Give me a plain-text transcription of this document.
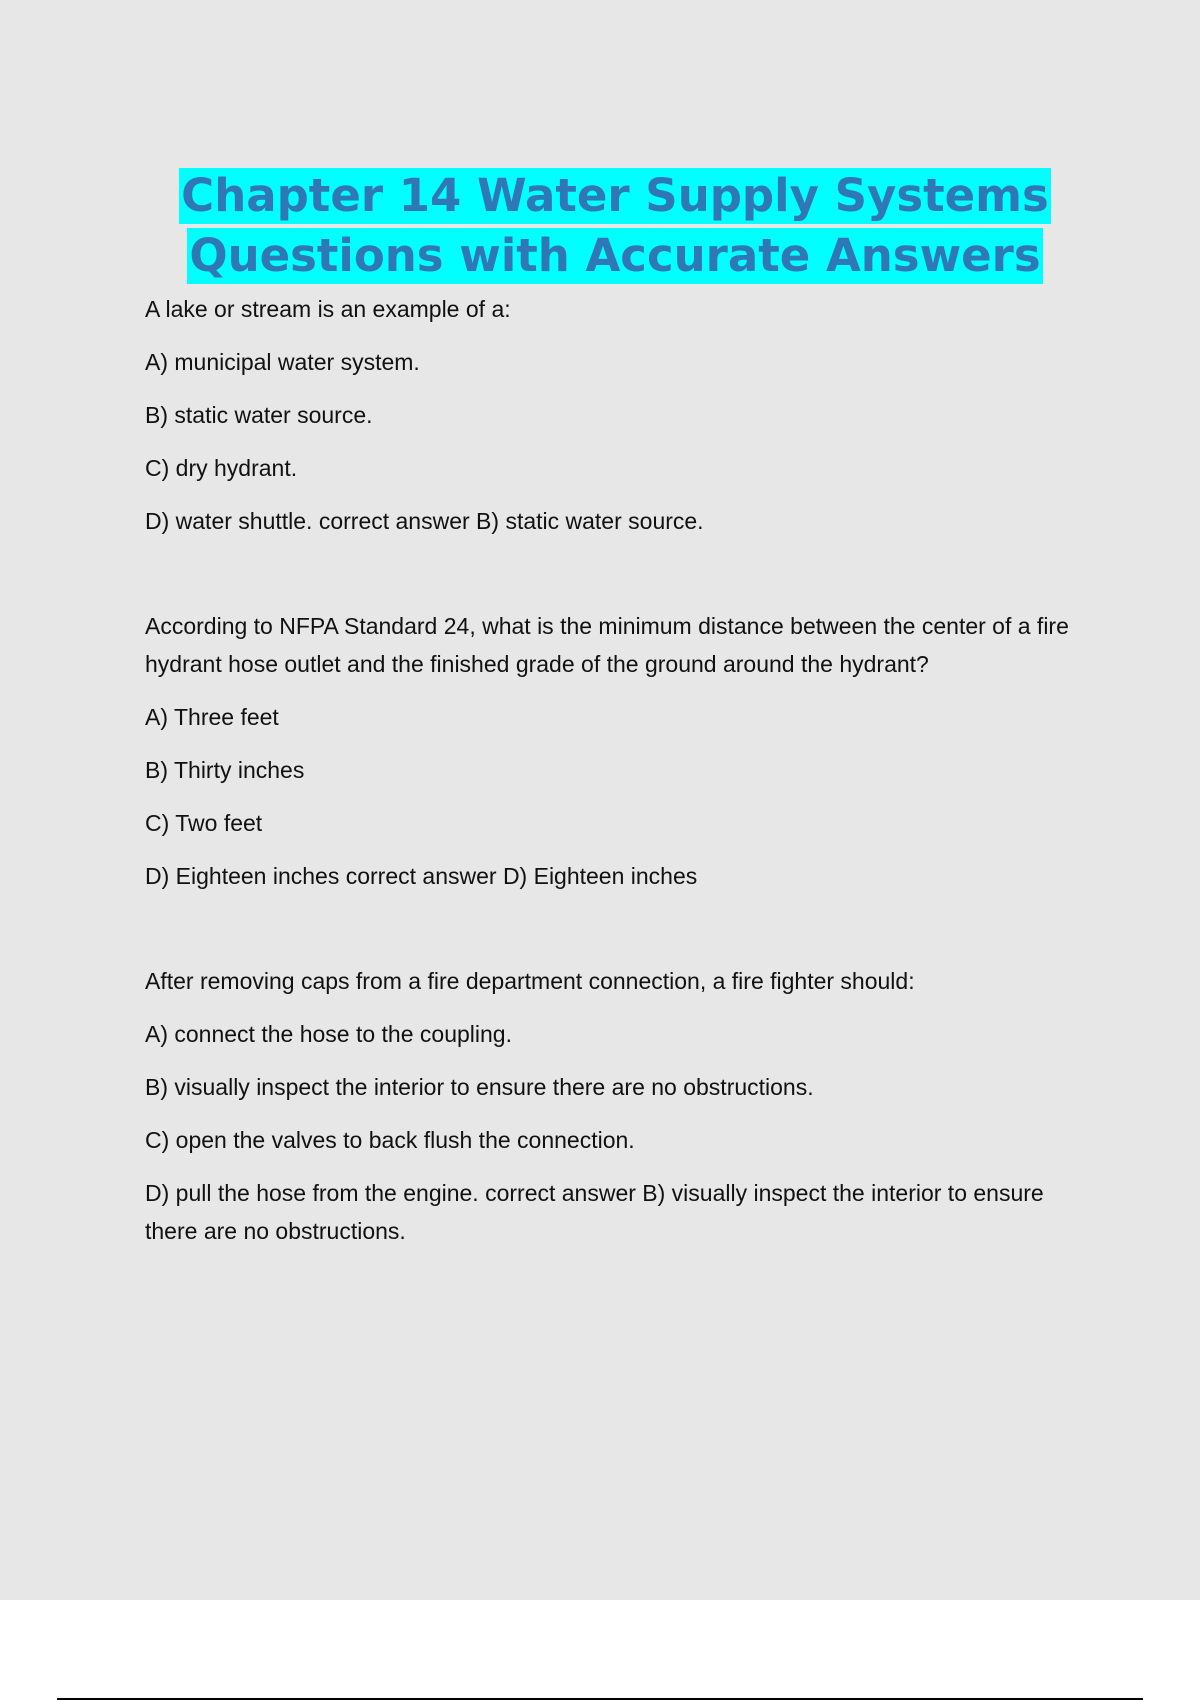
Chapter 14 Water Supply Systems
Questions with Accurate Answers

A lake or stream is an example of a:

A) municipal water system.

B) static water source.

C) dry hydrant.

D) water shuttle. correct answer B) static water source.

According to NFPA Standard 24, what is the minimum distance between the center of a fire hydrant hose outlet and the finished grade of the ground around the hydrant?

A) Three feet

B) Thirty inches

C) Two feet

D) Eighteen inches correct answer D) Eighteen inches

After removing caps from a fire department connection, a fire fighter should:

A) connect the hose to the coupling.

B) visually inspect the interior to ensure there are no obstructions.

C) open the valves to back flush the connection.

D) pull the hose from the engine. correct answer B) visually inspect the interior to ensure there are no obstructions.
